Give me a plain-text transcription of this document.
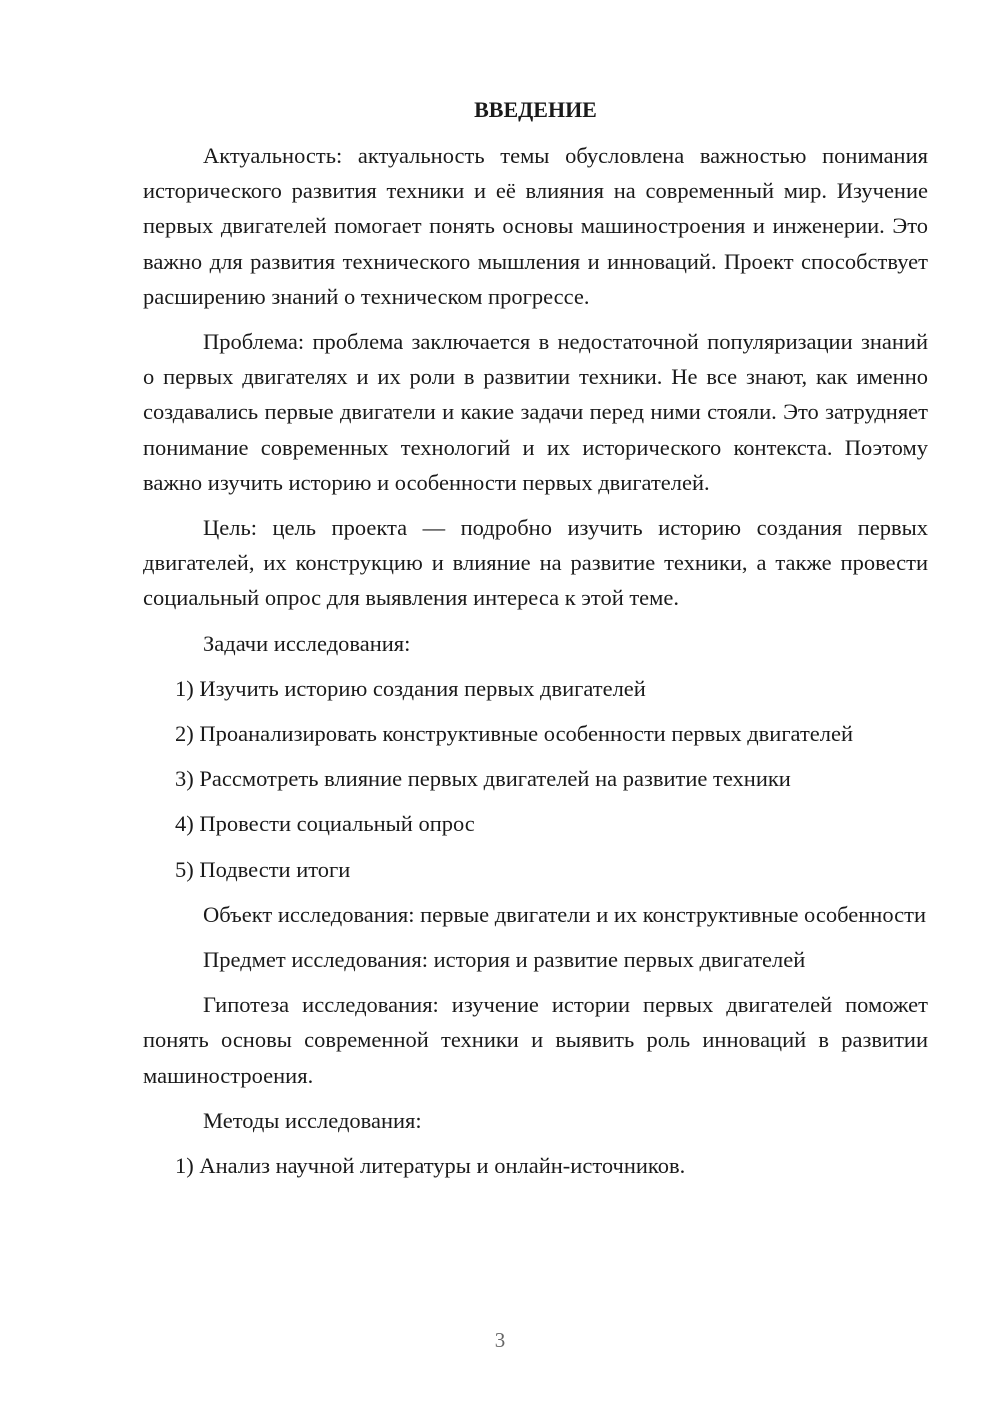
ВВЕДЕНИЕ
Актуальность: актуальность темы обусловлена важностью понимания исторического развития техники и её влияния на современный мир. Изучение первых двигателей помогает понять основы машиностроения и инженерии. Это важно для развития технического мышления и инноваций. Проект способствует расширению знаний о техническом прогрессе.
Проблема: проблема заключается в недостаточной популяризации знаний о первых двигателях и их роли в развитии техники. Не все знают, как именно создавались первые двигатели и какие задачи перед ними стояли. Это затрудняет понимание современных технологий и их исторического контекста. Поэтому важно изучить историю и особенности первых двигателей.
Цель: цель проекта — подробно изучить историю создания первых двигателей, их конструкцию и влияние на развитие техники, а также провести социальный опрос для выявления интереса к этой теме.
Задачи исследования:
1) Изучить историю создания первых двигателей
2) Проанализировать конструктивные особенности первых двигателей
3) Рассмотреть влияние первых двигателей на развитие техники
4) Провести социальный опрос
5) Подвести итоги
Объект исследования: первые двигатели и их конструктивные особенности
Предмет исследования: история и развитие первых двигателей
Гипотеза исследования: изучение истории первых двигателей поможет понять основы современной техники и выявить роль инноваций в развитии машиностроения.
Методы исследования:
1) Анализ научной литературы и онлайн-источников.
3
